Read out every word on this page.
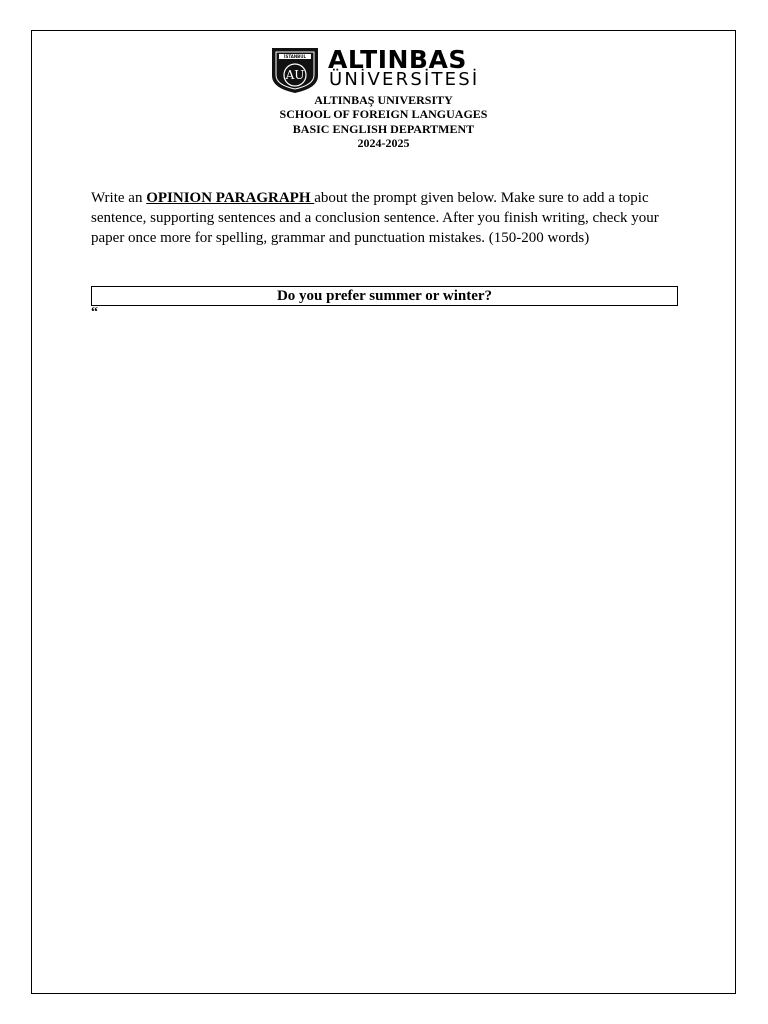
İSTANBUL
AU
ALTINBAS
ÜNİVERSİTESİ
ALTINBAŞ UNIVERSITY
SCHOOL OF FOREIGN LANGUAGES
BASIC ENGLISH DEPARTMENT
2024-2025
Write an OPINION PARAGRAPH about the prompt given below. Make sure to add a topic sentence, supporting sentences and a conclusion sentence. After you finish writing, check your paper once more for spelling, grammar and punctuation mistakes. (150-200 words)
Do you prefer summer or winter?
“
